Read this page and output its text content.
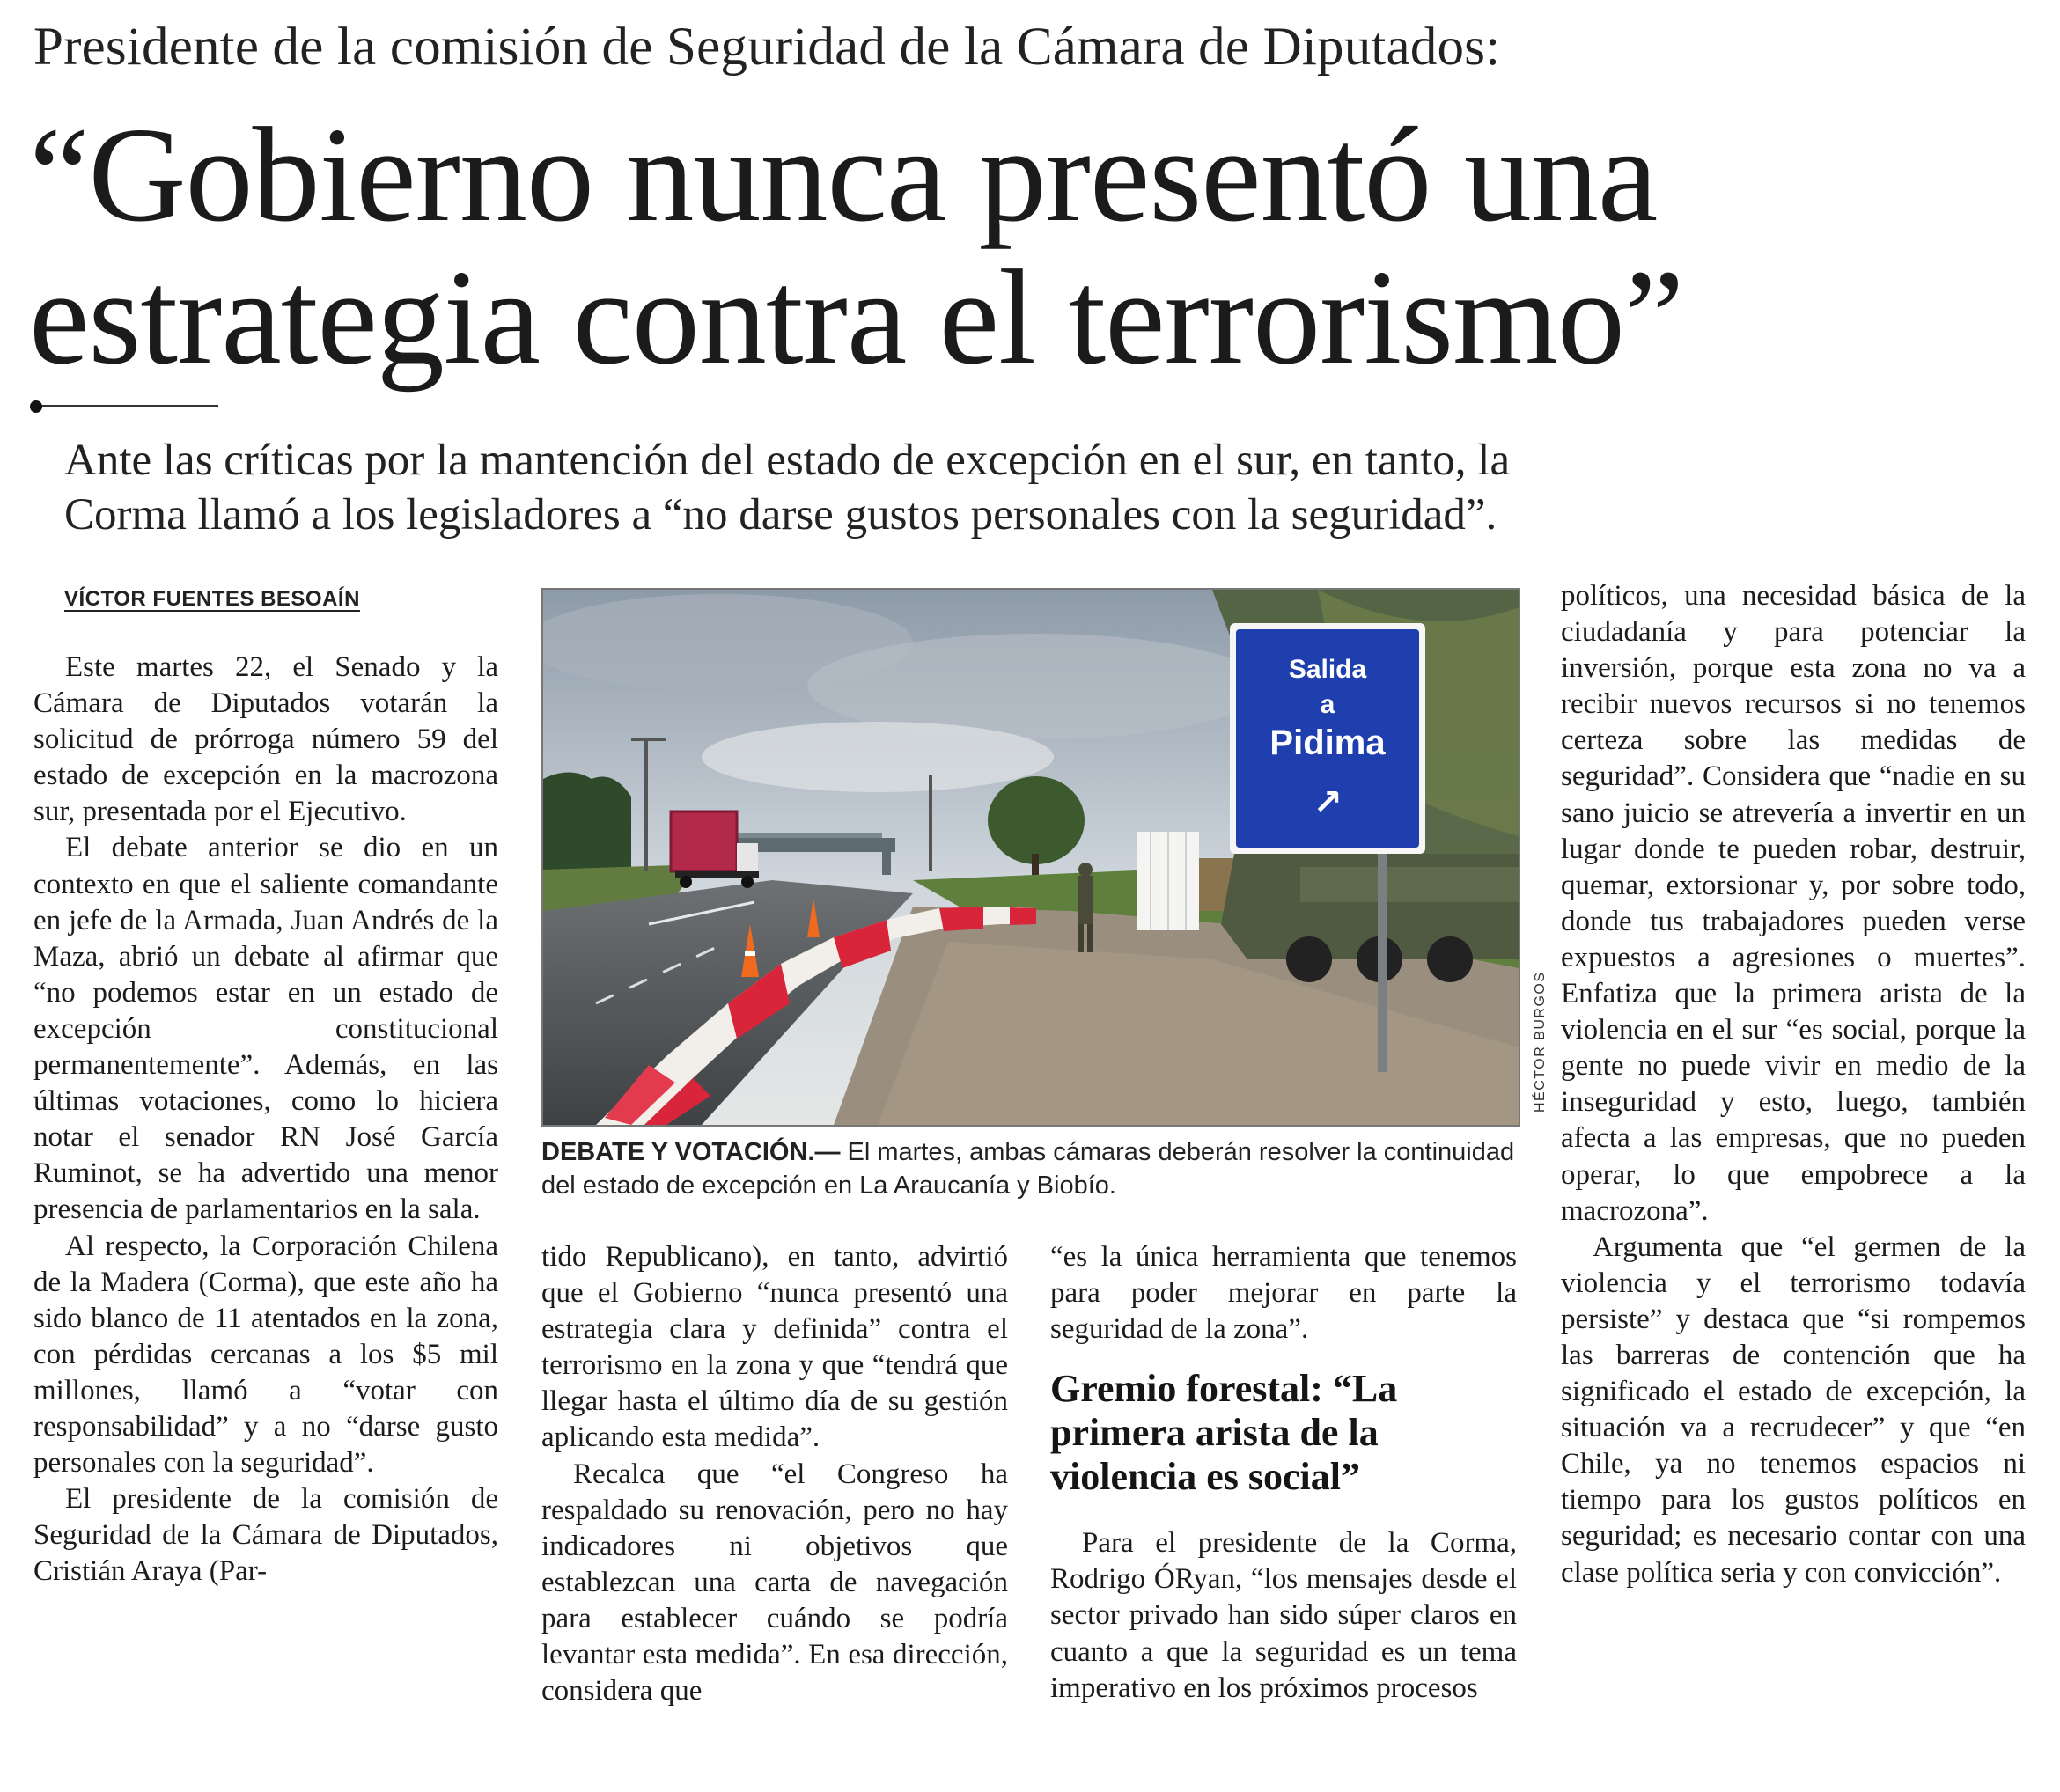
Presidente de la comisión de Seguridad de la Cámara de Diputados:
“Gobierno nunca presentó una
estrategia contra el terrorismo”
Ante las críticas por la mantención del estado de excepción en el sur, en tanto, la
Corma llamó a los legisladores a “no darse gustos personales con la seguridad”.
VÍCTOR FUENTES BESOAÍN

Este martes 22, el Senado y la Cámara de Diputados votarán la solicitud de prórroga número 59 del estado de excepción en la macrozona sur, presentada por el Ejecutivo.

El debate anterior se dio en un contexto en que el saliente comandante en jefe de la Armada, Juan Andrés de la Maza, abrió un debate al afirmar que “no podemos estar en un estado de excepción constitucional permanentemente”. Además, en las últimas votaciones, como lo hiciera notar el senador RN José García Ruminot, se ha advertido una menor presencia de parlamentarios en la sala.

Al respecto, la Corporación Chilena de la Madera (Corma), que este año ha sido blanco de 11 atentados en la zona, con pérdidas cercanas a los $5 mil millones, llamó a “votar con responsabilidad” y a no “darse gusto personales con la seguridad”.

El presidente de la comisión de Seguridad de la Cámara de Diputados, Cristián Araya (Par-

Salida
a
Pidima
↗
HÉCTOR BURGOS
DEBATE Y VOTACIÓN.— El martes, ambas cámaras deberán resolver la continuidad del estado de excepción en La Araucanía y Biobío.

tido Republicano), en tanto, advirtió que el Gobierno “nunca presentó una estrategia clara y definida” contra el terrorismo en la zona y que “tendrá que llegar hasta el último día de su gestión aplicando esta medida”.

Recalca que “el Congreso ha respaldado su renovación, pero no hay indicadores ni objetivos que establezcan una carta de navegación para establecer cuándo se podría levantar esta medida”. En esa dirección, considera que

“es la única herramienta que tenemos para poder mejorar en parte la seguridad de la zona”.

Gremio forestal: “La primera arista de la violencia es social”

Para el presidente de la Corma, Rodrigo ÓRyan, “los mensajes desde el sector privado han sido súper claros en cuanto a que la seguridad es un tema imperativo en los próximos procesos

políticos, una necesidad básica de la ciudadanía y para potenciar la inversión, porque esta zona no va a recibir nuevos recursos si no tenemos certeza sobre las medidas de seguridad”. Considera que “nadie en su sano juicio se atrevería a invertir en un lugar donde te pueden robar, destruir, quemar, extorsionar y, por sobre todo, donde tus trabajadores pueden verse expuestos a agresiones o muertes”. Enfatiza que la primera arista de la violencia en el sur “es social, porque la gente no puede vivir en medio de la inseguridad y esto, luego, también afecta a las empresas, que no pueden operar, lo que empobrece a la macrozona”.

Argumenta que “el germen de la violencia y el terrorismo todavía persiste” y destaca que “si rompemos las barreras de contención que ha significado el estado de excepción, la situación va a recrudecer” y que “en Chile, ya no tenemos espacios ni tiempo para los gustos políticos en seguridad; es necesario contar con una clase política seria y con convicción”.
